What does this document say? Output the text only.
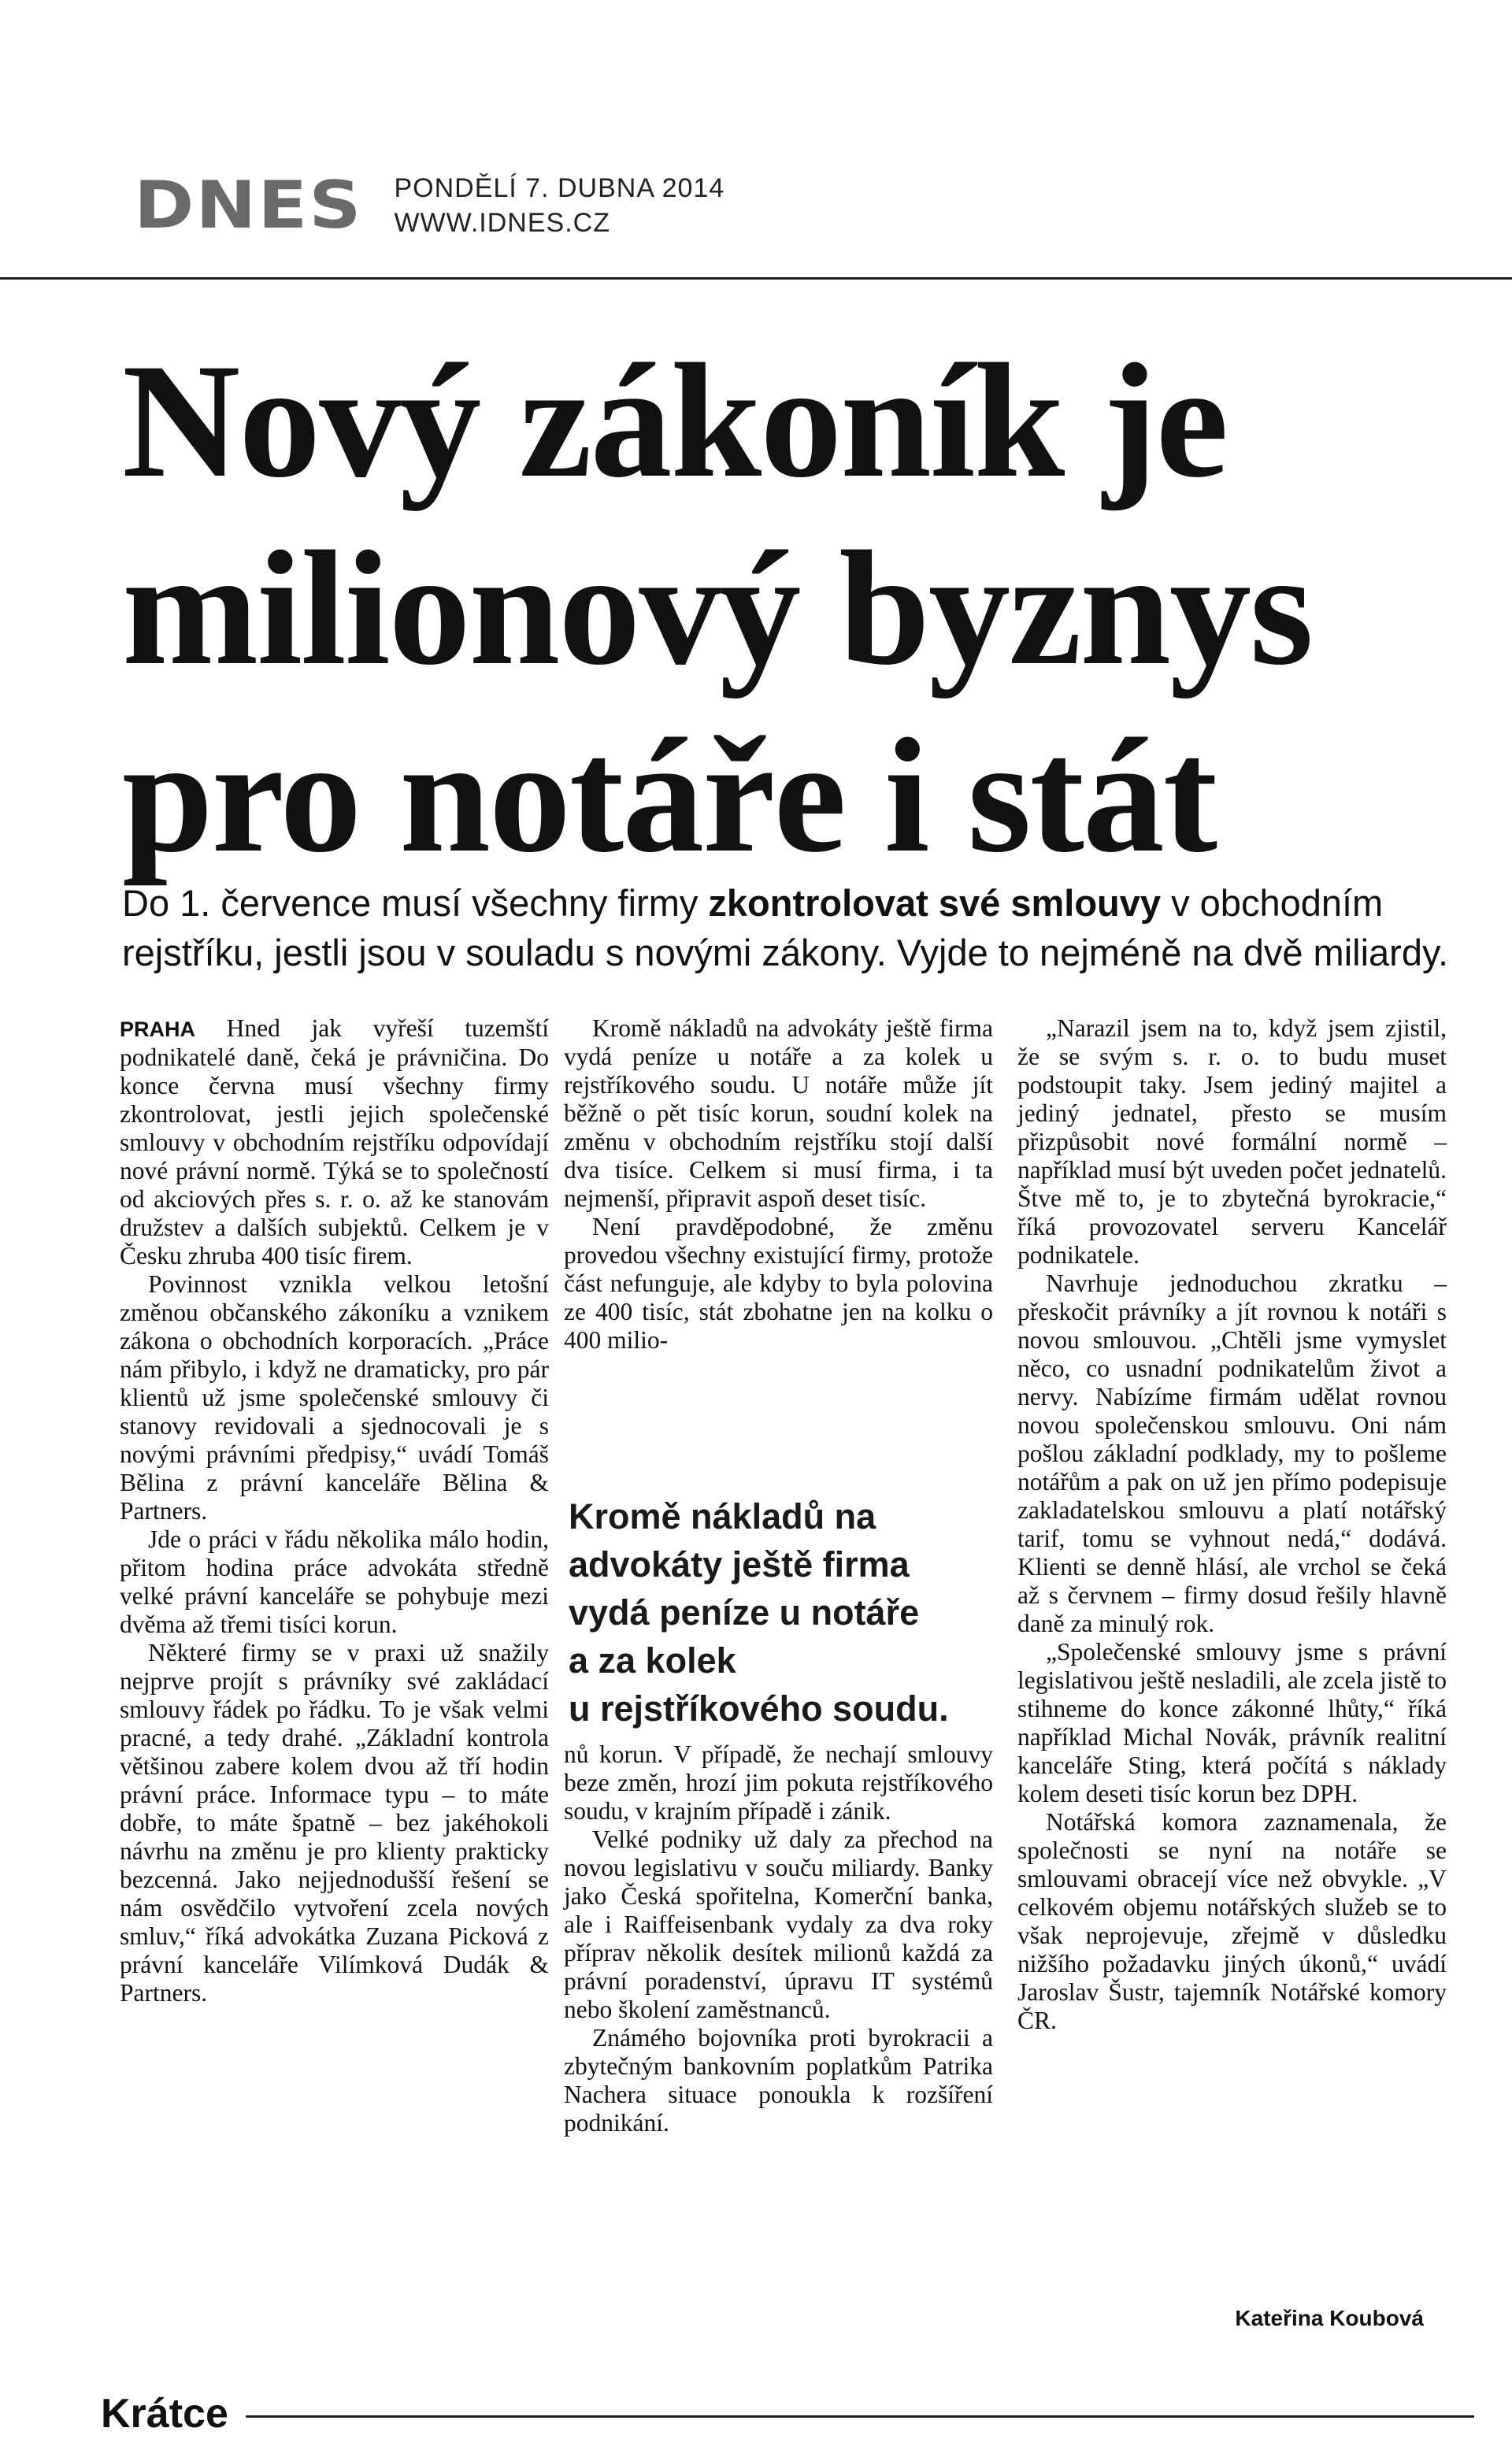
DNES PONDĚLÍ 7. DUBNA 2014
WWW.IDNES.CZ
Nový zákoník je
milionový byznys
pro notáře i stát
Do 1. července musí všechny firmy zkontrolovat své smlouvy v obchodním rejstříku, jestli jsou v souladu s novými zákony. Vyjde to nejméně na dvě miliardy.

PRAHA Hned jak vyřeší tuzemští podnikatelé daně, čeká je právničina. Do konce června musí všechny firmy zkontrolovat, jestli jejich společenské smlouvy v obchodním rejstříku odpovídají nové právní normě. Týká se to společností od akciových přes s. r. o. až ke stanovám družstev a dalších subjektů. Celkem je v Česku zhruba 400 tisíc firem.

Povinnost vznikla velkou letošní změnou občanského zákoníku a vznikem zákona o obchodních korporacích. „Práce nám přibylo, i když ne dramaticky, pro pár klientů už jsme společenské smlouvy či stanovy revidovali a sjednocovali je s novými právními předpisy,“ uvádí Tomáš Bělina z právní kanceláře Bělina & Partners.

Jde o práci v řádu několika málo hodin, přitom hodina práce advokáta středně velké právní kanceláře se pohybuje mezi dvěma až třemi tisíci korun.

Některé firmy se v praxi už snažily nejprve projít s právníky své zakládací smlouvy řádek po řádku. To je však velmi pracné, a tedy drahé. „Základní kontrola většinou zabere kolem dvou až tří hodin právní práce. Informace typu – to máte dobře, to máte špatně – bez jakéhokoli návrhu na změnu je pro klienty prakticky bezcenná. Jako nejjednodušší řešení se nám osvědčilo vytvoření zcela nových smluv,“ říká advokátka Zuzana Picková z právní kanceláře Vilímková Dudák & Partners.

Kromě nákladů na advokáty ještě firma vydá peníze u notáře a za kolek u rejstříkového soudu. U notáře může jít běžně o pět tisíc korun, soudní kolek na změnu v obchodním rejstříku stojí další dva tisíce. Celkem si musí firma, i ta nejmenší, připravit aspoň deset tisíc.

Není pravděpodobné, že změnu provedou všechny existující firmy, protože část nefunguje, ale kdyby to byla polovina ze 400 tisíc, stát zbohatne jen na kolku o 400 milio-

nů korun. V případě, že nechají smlouvy beze změn, hrozí jim pokuta rejstříkového soudu, v krajním případě i zánik.

Velké podniky už daly za přechod na novou legislativu v souču miliardy. Banky jako Česká spořitelna, Komerční banka, ale i Raiffeisenbank vydaly za dva roky příprav několik desítek milionů každá za právní poradenství, úpravu IT systémů nebo školení zaměstnanců.

Známého bojovníka proti byrokracii a zbytečným bankovním poplatkům Patrika Nachera situace ponoukla k rozšíření podnikání.

Kromě nákladů na
advokáty ještě firma
vydá peníze u notáře
a za kolek
u rejstříkového soudu.

„Narazil jsem na to, když jsem zjistil, že se svým s. r. o. to budu muset podstoupit taky. Jsem jediný majitel a jediný jednatel, přesto se musím přizpůsobit nové formální normě – například musí být uveden počet jednatelů. Štve mě to, je to zbytečná byrokracie,“ říká provozovatel serveru Kancelář podnikatele.

Navrhuje jednoduchou zkratku – přeskočit právníky a jít rovnou k notáři s novou smlouvou. „Chtěli jsme vymyslet něco, co usnadní podnikatelům život a nervy. Nabízíme firmám udělat rovnou novou společenskou smlouvu. Oni nám pošlou základní podklady, my to pošleme notářům a pak on už jen přímo podepisuje zakladatelskou smlouvu a platí notářský tarif, tomu se vyhnout nedá,“ dodává. Klienti se denně hlásí, ale vrchol se čeká až s červnem – firmy dosud řešily hlavně daně za minulý rok.

„Společenské smlouvy jsme s právní legislativou ještě nesladili, ale zcela jistě to stihneme do konce zákonné lhůty,“ říká například Michal Novák, právník realitní kanceláře Sting, která počítá s náklady kolem deseti tisíc korun bez DPH.

Notářská komora zaznamenala, že společnosti se nyní na notáře se smlouvami obracejí více než obvykle. „V celkovém objemu notářských služeb se to však neprojevuje, zřejmě v důsledku nižšího požadavku jiných úkonů,“ uvádí Jaroslav Šustr, tajemník Notářské komory ČR.

Kateřina Koubová
Krátce
